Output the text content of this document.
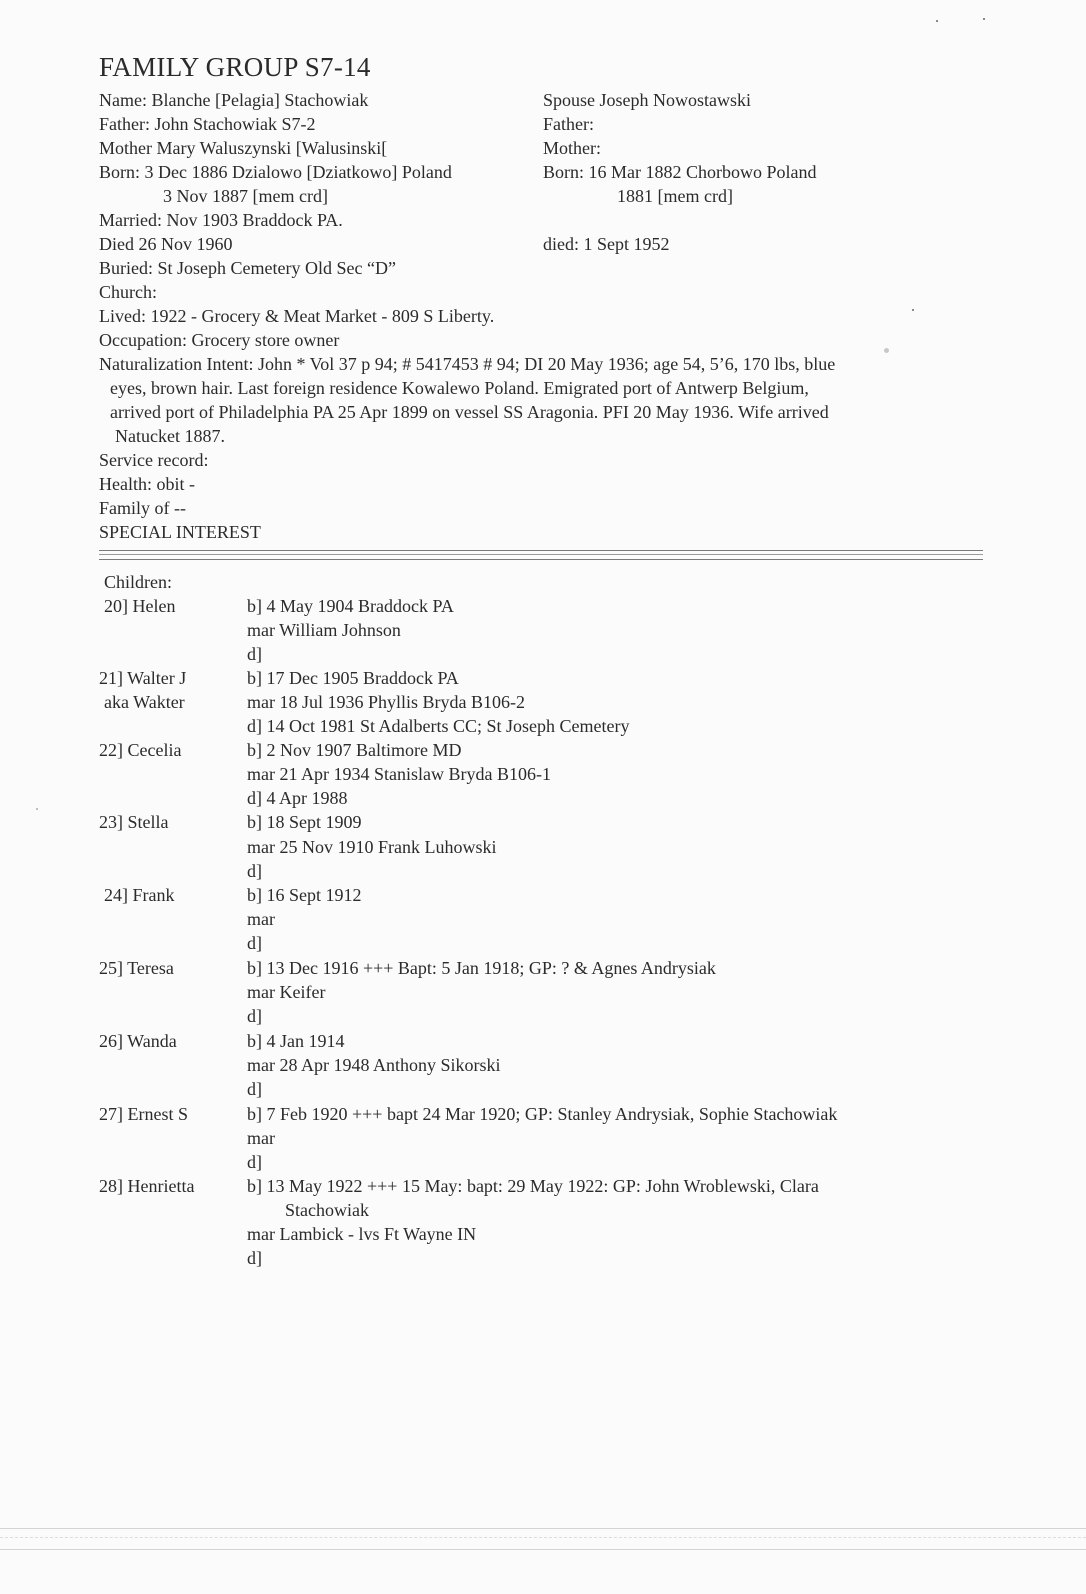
FAMILY GROUP S7-14
Name: Blanche [Pelagia] Stachowiak
Father: John Stachowiak S7-2
Mother Mary Waluszynski [Walusinski[
Born: 3 Dec 1886 Dzialowo [Dziatkowo] Poland
3 Nov 1887 [mem crd]
Married: Nov 1903 Braddock PA.
Died 26 Nov 1960
Buried: St Joseph Cemetery Old Sec “D”
Church:
Lived: 1922 - Grocery & Meat Market - 809 S Liberty.
Occupation: Grocery store owner
Naturalization Intent: John * Vol 37 p 94; # 5417453 # 94; DI 20 May 1936; age 54, 5’6, 170 lbs, blue
eyes, brown hair. Last foreign residence Kowalewo Poland. Emigrated port of Antwerp Belgium,
arrived port of Philadelphia PA 25 Apr 1899 on vessel SS Aragonia. PFI 20 May 1936. Wife arrived
Natucket 1887.
Service record:
Health: obit -
Family of --
SPECIAL INTEREST
Spouse Joseph Nowostawski
Father:
Mother:
Born: 16 Mar 1882 Chorbowo Poland
1881 [mem crd]
died: 1 Sept 1952
Children:
20] Helen
21] Walter J
aka Wakter
22] Cecelia
23] Stella
24] Frank
25] Teresa
26] Wanda
27] Ernest S
28] Henrietta
b] 4 May 1904 Braddock PA
mar William Johnson
d]
b] 17 Dec 1905 Braddock PA
mar 18 Jul 1936 Phyllis Bryda B106-2
d] 14 Oct 1981 St Adalberts CC; St Joseph Cemetery
b] 2 Nov 1907 Baltimore MD
mar 21 Apr 1934 Stanislaw Bryda B106-1
d] 4 Apr 1988
b] 18 Sept 1909
mar 25 Nov 1910 Frank Luhowski
d]
b] 16 Sept 1912
mar
d]
b] 13 Dec 1916 +++ Bapt: 5 Jan 1918; GP: ? & Agnes Andrysiak
mar Keifer
d]
b] 4 Jan 1914
mar 28 Apr 1948 Anthony Sikorski
d]
b] 7 Feb 1920 +++ bapt 24 Mar 1920; GP: Stanley Andrysiak, Sophie Stachowiak
mar
d]
b] 13 May 1922 +++ 15 May: bapt: 29 May 1922: GP: John Wroblewski, Clara
Stachowiak
mar Lambick - lvs Ft Wayne IN
d]
